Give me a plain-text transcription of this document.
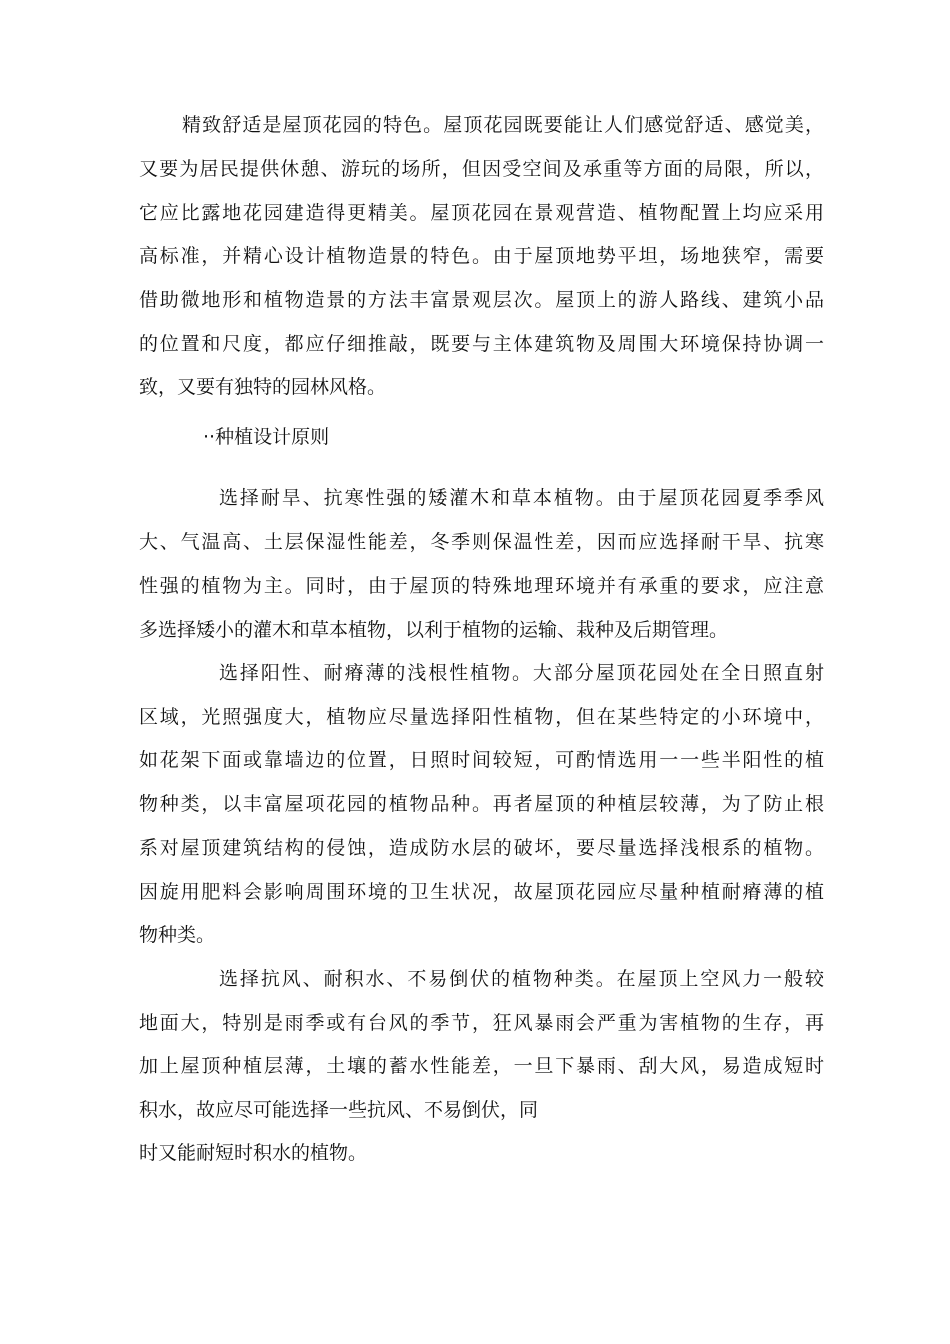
精致舒适是屋顶花园的特色。屋顶花园既要能让人们感觉舒适、感觉美，
又要为居民提供休憩、游玩的场所，但因受空间及承重等方面的局限，所以，
它应比露地花园建造得更精美。屋顶花园在景观营造、植物配置上均应采用
高标准，并精心设计植物造景的特色。由于屋顶地势平坦，场地狭窄，需要
借助微地形和植物造景的方法丰富景观层次。屋顶上的游人路线、建筑小品
的位置和尺度，都应仔细推敲，既要与主体建筑物及周围大环境保持协调一
致，又要有独特的园林风格。
··种植设计原则
选择耐旱、抗寒性强的矮灌木和草本植物。由于屋顶花园夏季季风
大、气温高、土层保湿性能差，冬季则保温性差，因而应选择耐干旱、抗寒
性强的植物为主。同时，由于屋顶的特殊地理环境并有承重的要求，应注意
多选择矮小的灌木和草本植物，以利于植物的运输、栽种及后期管理。
选择阳性、耐瘠薄的浅根性植物。大部分屋顶花园处在全日照直射
区域，光照强度大，植物应尽量选择阳性植物，但在某些特定的小环境中，
如花架下面或靠墙边的位置，日照时间较短，可酌情选用一一些半阳性的植
物种类，以丰富屋项花园的植物品种。再者屋顶的种植层较薄，为了防止根
系对屋顶建筑结构的侵蚀，造成防水层的破坏，要尽量选择浅根系的植物。
因旋用肥料会影响周围环境的卫生状况，故屋顶花园应尽量种植耐瘠薄的植
物种类。
选择抗风、耐积水、不易倒伏的植物种类。在屋顶上空风力一般较
地面大，特别是雨季或有台风的季节，狂风暴雨会严重为害植物的生存，再
加上屋顶种植层薄，土壤的蓄水性能差，一旦下暴雨、刮大风，易造成短时
积水，故应尽可能选择一些抗风、不易倒伏，同
时又能耐短时积水的植物。
